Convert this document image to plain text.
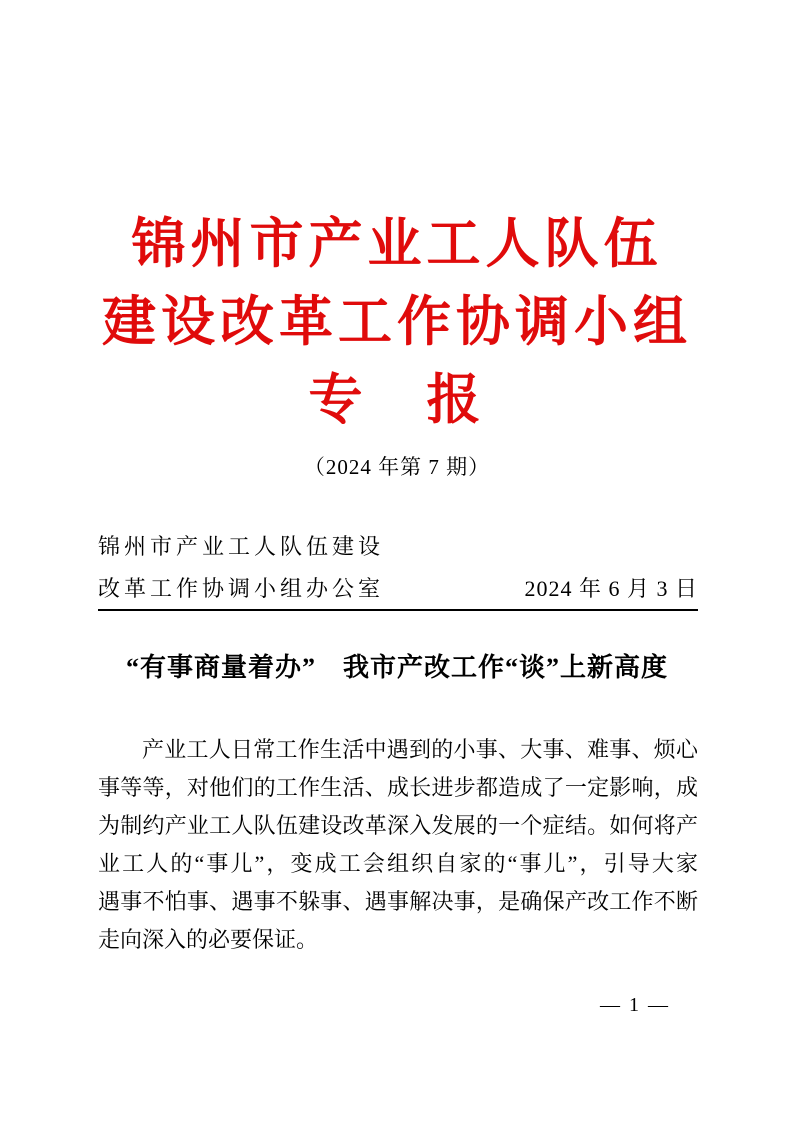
锦州市产业工人队伍
建设改革工作协调小组
专　报
（2024 年第 7 期）
锦州市产业工人队伍建设
改革工作协调小组办公室	2024 年 6 月 3 日
“有事商量着办”　我市产改工作“谈”上新高度
产业工人日常工作生活中遇到的小事、大事、难事、烦心
事等等，对他们的工作生活、成长进步都造成了一定影响，成
为制约产业工人队伍建设改革深入发展的一个症结。如何将产
业工人的“事儿”，变成工会组织自家的“事儿”，引导大家
遇事不怕事、遇事不躲事、遇事解决事，是确保产改工作不断
走向深入的必要保证。
— 1 —
